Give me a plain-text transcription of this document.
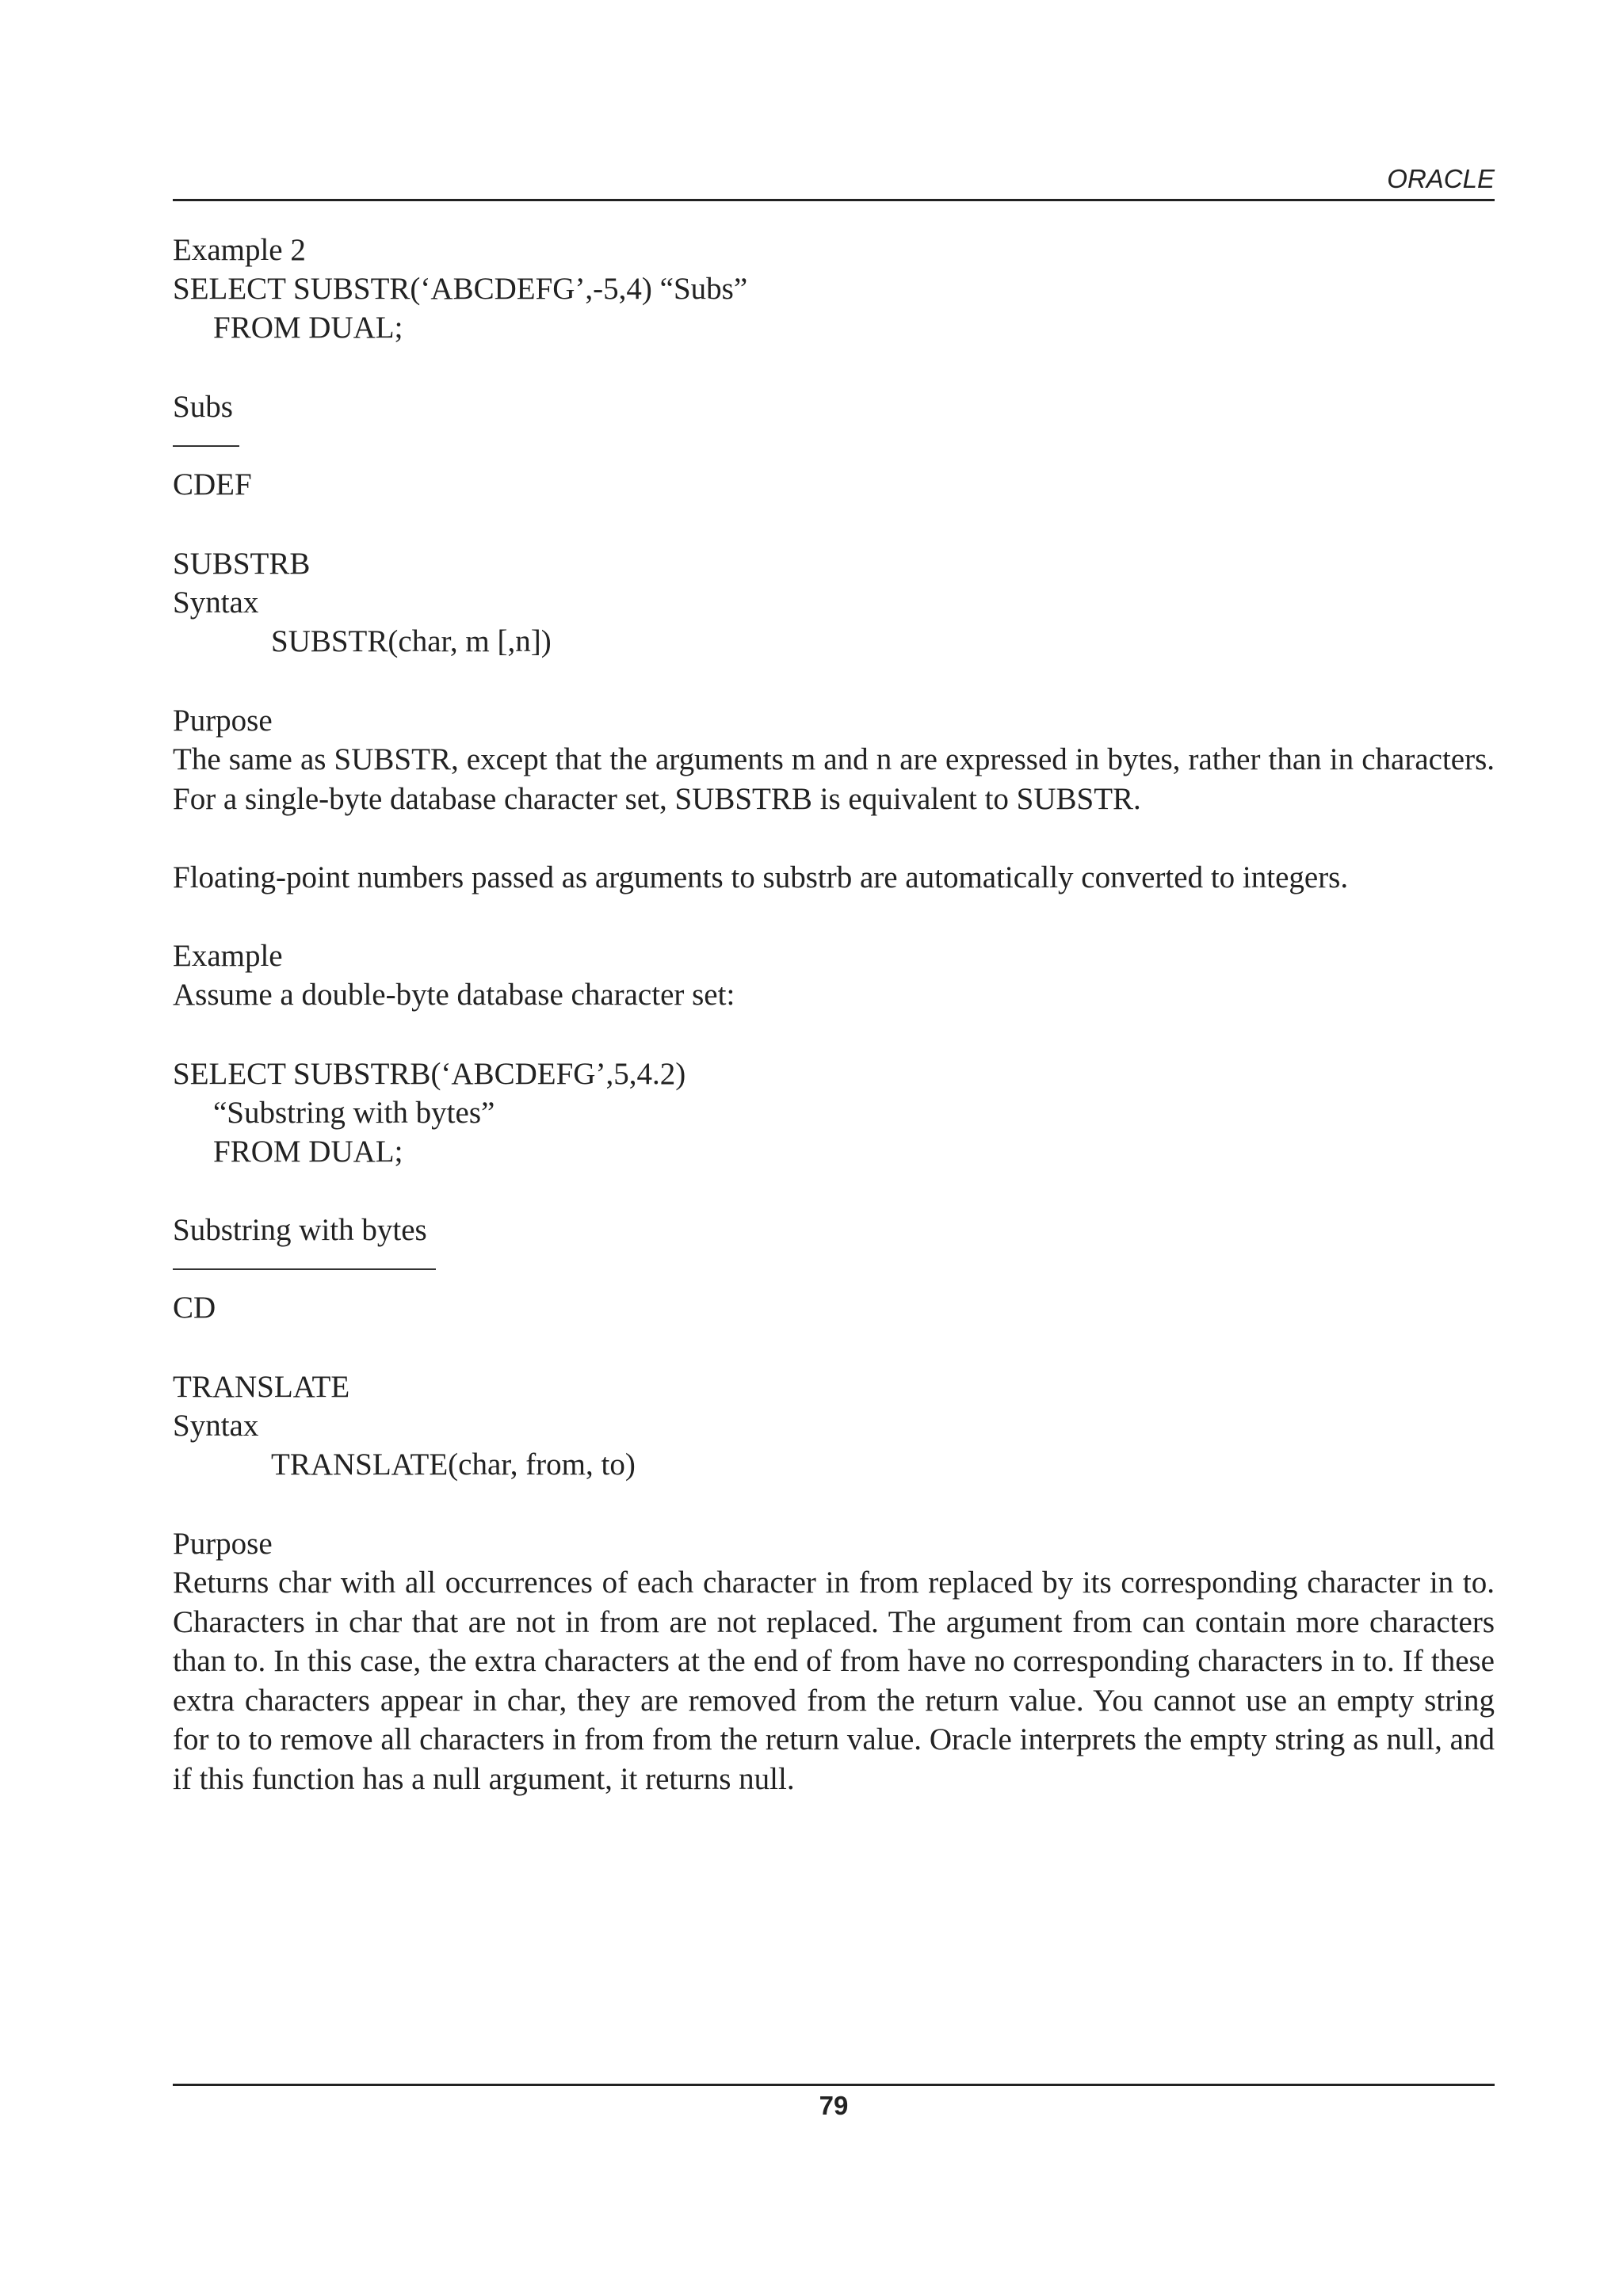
ORACLE

Example 2

SELECT SUBSTR(‘ABCDEFG’,-5,4) “Subs”

FROM DUAL;

Subs

CDEF

SUBSTRB

Syntax

SUBSTR(char, m [,n])

Purpose

The same as SUBSTR, except that the arguments m and n are expressed in bytes, rather than in characters. For a single-byte database character set, SUBSTRB is equivalent to SUBSTR.

Floating-point numbers passed as arguments to substrb are automatically converted to integers.

Example

Assume a double-byte database character set:

SELECT SUBSTRB(‘ABCDEFG’,5,4.2)

“Substring with bytes”

FROM DUAL;

Substring with bytes

CD

TRANSLATE

Syntax

TRANSLATE(char, from, to)

Purpose

Returns char with all occurrences of each character in from replaced by its corresponding character in to. Characters in char that are not in from are not replaced. The argument from can contain more characters than to. In this case, the extra characters at the end of from have no corresponding characters in to. If these extra characters appear in char, they are removed from the return value. You cannot use an empty string for to to remove all characters in from from the return value. Oracle interprets the empty string as null, and if this function has a null argument, it returns null.

79
